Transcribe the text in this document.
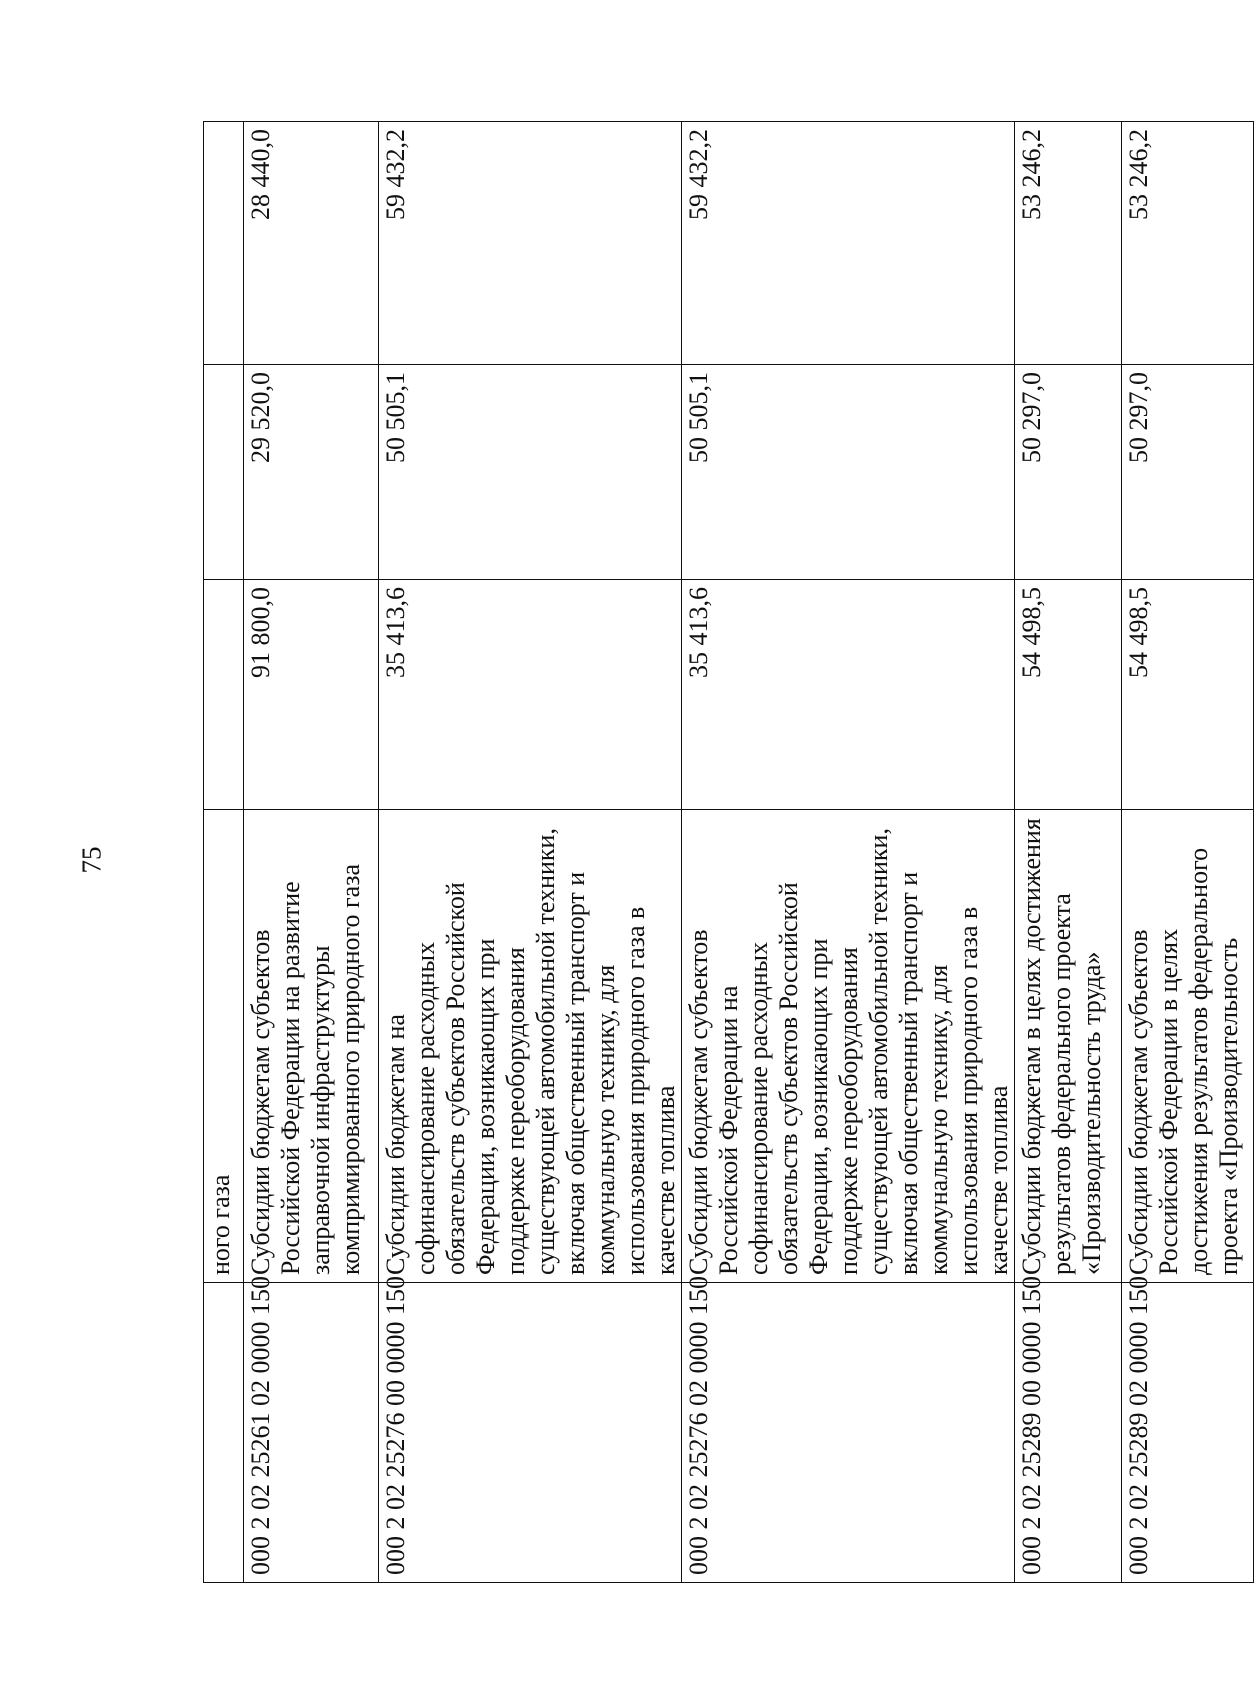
75
	ного газа			
000 2 02 25261 02 0000 150	Субсидии бюджетам субъектов Российской Федерации на развитие заправочной инфраструктуры компримированного природного газа	91 800,0	29 520,0	28 440,0
000 2 02 25276 00 0000 150	Субсидии бюджетам на софинансирование расходных обязательств субъектов Российской Федерации, возникающих при поддержке переоборудования существующей автомобильной техники, включая общественный транспорт и коммунальную технику, для использования природного газа в качестве топлива	35 413,6	50 505,1	59 432,2
000 2 02 25276 02 0000 150	Субсидии бюджетам субъектов Российской Федерации на софинансирование расходных обязательств субъектов Российской Федерации, возникающих при поддержке переоборудования существующей автомобильной техники, включая общественный транспорт и коммунальную технику, для использования природного газа в качестве топлива	35 413,6	50 505,1	59 432,2
000 2 02 25289 00 0000 150	Субсидии бюджетам в целях достижения результатов федерального проекта «Производительность труда»	54 498,5	50 297,0	53 246,2
000 2 02 25289 02 0000 150	Субсидии бюджетам субъектов Российской Федерации в целях достижения результатов федерального проекта «Производительность	54 498,5	50 297,0	53 246,2
